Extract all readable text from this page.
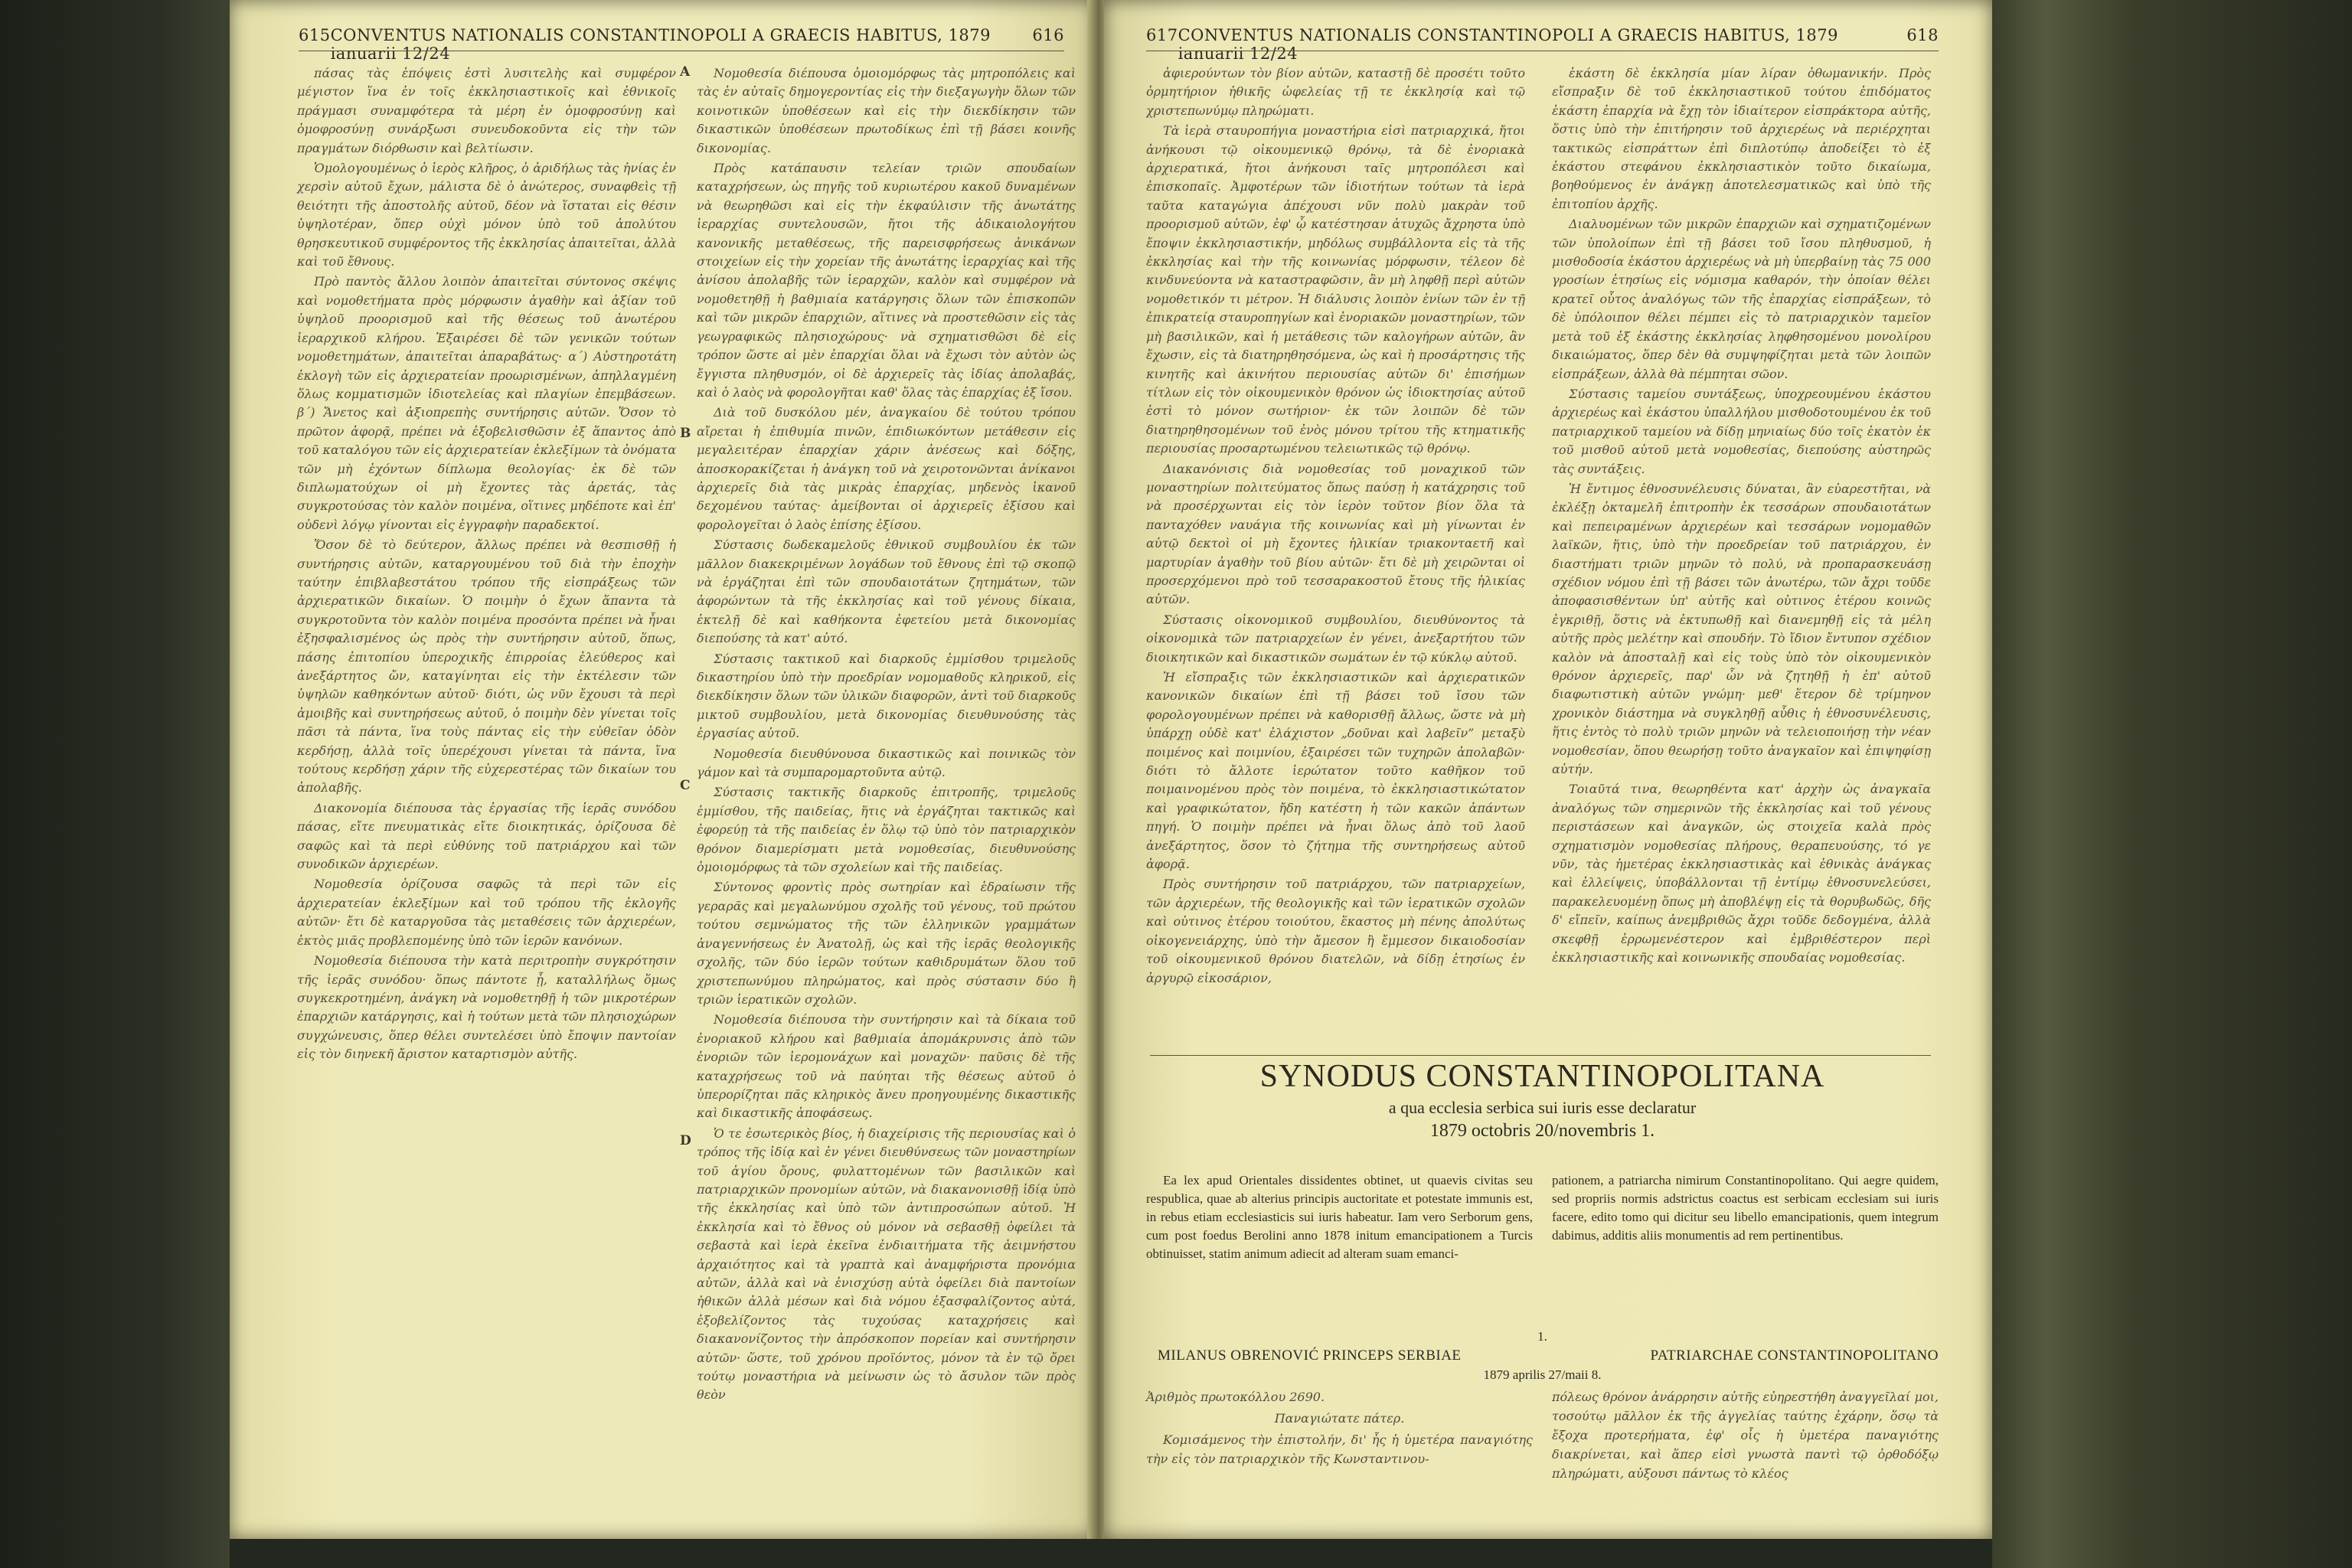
615 CONVENTUS NATIONALIS CONSTANTINOPOLI A GRAECIS HABITUS, 1879 ianuarii 12/24
616

πάσας τὰς ἐπόψεις ἐστὶ λυσιτελὴς καὶ συμφέρον μέγιστον ἵνα ἐν τοῖς ἐκκλησιαστικοῖς καὶ ἐθνικοῖς πράγμασι συναμφότερα τὰ μέρη ἐν ὁμοφροσύνῃ καὶ ὁμοφροσύνῃ συνάρξωσι συνευδοκοῦντα εἰς τὴν τῶν πραγμάτων διόρθωσιν καὶ βελτίωσιν.

Ὁμολογουμένως ὁ ἱερὸς κλῆρος, ὁ ἀριδήλως τὰς ἡνίας ἐν χερσὶν αὐτοῦ ἔχων, μάλιστα δὲ ὁ ἀνώτερος, συναφθεὶς τῇ θειότητι τῆς ἀποστολῆς αὐτοῦ, δέον νὰ ἵσταται εἰς θέσιν ὑψηλοτέραν, ὅπερ οὐχὶ μόνον ὑπὸ τοῦ ἀπολύτου θρησκευτικοῦ συμφέροντος τῆς ἐκκλησίας ἀπαιτεῖται, ἀλλὰ καὶ τοῦ ἔθνους.

Πρὸ παντὸς ἄλλου λοιπὸν ἀπαιτεῖται σύντονος σκέψις καὶ νομοθετήματα πρὸς μόρφωσιν ἀγαθὴν καὶ ἀξίαν τοῦ ὑψηλοῦ προορισμοῦ καὶ τῆς θέσεως τοῦ ἀνωτέρου ἱεραρχικοῦ κλήρου. Ἐξαιρέσει δὲ τῶν γενικῶν τούτων νομοθετημάτων, ἀπαιτεῖται ἀπαραβάτως· α΄) Αὐστηροτάτη ἐκλογὴ τῶν εἰς ἀρχιερατείαν προωρισμένων, ἀπηλλαγμένη ὅλως κομματισμῶν ἰδιοτελείας καὶ πλαγίων ἐπεμβάσεων. β΄) Ἄνετος καὶ ἀξιοπρεπὴς συντήρησις αὐτῶν. Ὅσον τὸ πρῶτον ἀφορᾷ, πρέπει νὰ ἐξοβελισθῶσιν ἐξ ἅπαντος ἀπὸ τοῦ καταλόγου τῶν εἰς ἀρχιερατείαν ἐκλεξίμων τὰ ὀνόματα τῶν μὴ ἐχόντων δίπλωμα θεολογίας· ἐκ δὲ τῶν διπλωματούχων οἱ μὴ ἔχοντες τὰς ἀρετάς, τὰς συγκροτούσας τὸν καλὸν ποιμένα, οἵτινες μηδέποτε καὶ ἐπ' οὐδενὶ λόγῳ γίνονται εἰς ἐγγραφὴν παραδεκτοί.

Ὅσον δὲ τὸ δεύτερον, ἄλλως πρέπει νὰ θεσπισθῇ ἡ συντήρησις αὐτῶν, καταργουμένου τοῦ διὰ τὴν ἐποχὴν ταύτην ἐπιβλαβεστάτου τρόπου τῆς εἰσπράξεως τῶν ἀρχιερατικῶν δικαίων. Ὁ ποιμὴν ὁ ἔχων ἅπαντα τὰ συγκροτοῦντα τὸν καλὸν ποιμένα προσόντα πρέπει νὰ ἦναι ἐξησφαλισμένος ὡς πρὸς τὴν συντήρησιν αὐτοῦ, ὅπως, πάσης ἐπιτοπίου ὑπεροχικῆς ἐπιρροίας ἐλεύθερος καὶ ἀνεξάρτητος ὤν, καταγίνηται εἰς τὴν ἐκτέλεσιν τῶν ὑψηλῶν καθηκόντων αὐτοῦ· διότι, ὡς νῦν ἔχουσι τὰ περὶ ἀμοιβῆς καὶ συντηρήσεως αὐτοῦ, ὁ ποιμὴν δὲν γίνεται τοῖς πᾶσι τὰ πάντα, ἵνα τοὺς πάντας εἰς τὴν εὐθεῖαν ὁδὸν κερδήσῃ, ἀλλὰ τοῖς ὑπερέχουσι γίνεται τὰ πάντα, ἵνα τούτους κερδήσῃ χάριν τῆς εὐχερεστέρας τῶν δικαίων του ἀπολαβῆς.

Διακονομία διέπουσα τὰς ἐργασίας τῆς ἱερᾶς συνόδου πάσας, εἴτε πνευματικὰς εἴτε διοικητικάς, ὁρίζουσα δὲ σαφῶς καὶ τὰ περὶ εὐθύνης τοῦ πατριάρχου καὶ τῶν συνοδικῶν ἀρχιερέων.

Νομοθεσία ὁρίζουσα σαφῶς τὰ περὶ τῶν εἰς ἀρχιερατείαν ἐκλεξίμων καὶ τοῦ τρόπου τῆς ἐκλογῆς αὐτῶν· ἔτι δὲ καταργοῦσα τὰς μεταθέσεις τῶν ἀρχιερέων, ἐκτὸς μιᾶς προβλεπομένης ὑπὸ τῶν ἱερῶν κανόνων.

Νομοθεσία διέπουσα τὴν κατὰ περιτροπὴν συγκρότησιν τῆς ἱερᾶς συνόδου· ὅπως πάντοτε ᾖ, καταλλήλως ὅμως συγκεκροτημένη, ἀνάγκη νὰ νομοθετηθῇ ἡ τῶν μικροτέρων ἐπαρχιῶν κατάργησις, καὶ ἡ τούτων μετὰ τῶν πλησιοχώρων συγχώνευσις, ὅπερ θέλει συντελέσει ὑπὸ ἔποψιν παντοίαν εἰς τὸν διηνεκῆ ἄριστον καταρτισμὸν αὐτῆς.

A
B
C
D

Νομοθεσία διέπουσα ὁμοιομόρφως τὰς μητροπόλεις καὶ τὰς ἐν αὐταῖς δημογεροντίας εἰς τὴν διεξαγωγὴν ὅλων τῶν κοινοτικῶν ὑποθέσεων καὶ εἰς τὴν διεκδίκησιν τῶν δικαστικῶν ὑποθέσεων πρωτοδίκως ἐπὶ τῇ βάσει κοινῆς δικονομίας.

Πρὸς κατάπαυσιν τελείαν τριῶν σπουδαίων καταχρήσεων, ὡς πηγῆς τοῦ κυριωτέρου κακοῦ δυναμένων νὰ θεωρηθῶσι καὶ εἰς τὴν ἐκφαύλισιν τῆς ἀνωτάτης ἱεραρχίας συντελουσῶν, ἤτοι τῆς ἀδικαιολογήτου κανονικῆς μεταθέσεως, τῆς παρεισφρήσεως ἀνικάνων στοιχείων εἰς τὴν χορείαν τῆς ἀνωτάτης ἱεραρχίας καὶ τῆς ἀνίσου ἀπολαβῆς τῶν ἱεραρχῶν, καλὸν καὶ συμφέρον νὰ νομοθετηθῇ ἡ βαθμιαία κατάργησις ὅλων τῶν ἐπισκοπῶν καὶ τῶν μικρῶν ἐπαρχιῶν, αἵτινες νὰ προστεθῶσιν εἰς τὰς γεωγραφικῶς πλησιοχώρους· νὰ σχηματισθῶσι δὲ εἰς τρόπον ὥστε αἱ μὲν ἐπαρχίαι ὅλαι νὰ ἔχωσι τὸν αὐτὸν ὡς ἔγγιστα πληθυσμόν, οἱ δὲ ἀρχιερεῖς τὰς ἰδίας ἀπολαβάς, καὶ ὁ λαὸς νὰ φορολογῆται καθ' ὅλας τὰς ἐπαρχίας ἐξ ἴσου.

Διὰ τοῦ δυσκόλου μέν, ἀναγκαίου δὲ τούτου τρόπου αἴρεται ἡ ἐπιθυμία πινῶν, ἐπιδιωκόντων μετάθεσιν εἰς μεγαλειτέραν ἐπαρχίαν χάριν ἀνέσεως καὶ δόξης, ἀποσκορακίζεται ἡ ἀνάγκη τοῦ νὰ χειροτονῶνται ἀνίκανοι ἀρχιερεῖς διὰ τὰς μικρὰς ἐπαρχίας, μηδενὸς ἱκανοῦ δεχομένου ταύτας· ἀμείβονται οἱ ἀρχιερεῖς ἐξίσου καὶ φορολογεῖται ὁ λαὸς ἐπίσης ἐξίσου.

Σύστασις δωδεκαμελοῦς ἐθνικοῦ συμβουλίου ἐκ τῶν μᾶλλον διακεκριμένων λογάδων τοῦ ἔθνους ἐπὶ τῷ σκοπῷ νὰ ἐργάζηται ἐπὶ τῶν σπουδαιοτάτων ζητημάτων, τῶν ἀφορώντων τὰ τῆς ἐκκλησίας καὶ τοῦ γένους δίκαια, ἐκτελῇ δὲ καὶ καθήκοντα ἐφετείου μετὰ δικονομίας διεπούσης τὰ κατ' αὐτό.

Σύστασις τακτικοῦ καὶ διαρκοῦς ἐμμίσθου τριμελοῦς δικαστηρίου ὑπὸ τὴν προεδρίαν νομομαθοῦς κληρικοῦ, εἰς διεκδίκησιν ὅλων τῶν ὑλικῶν διαφορῶν, ἀντὶ τοῦ διαρκοῦς μικτοῦ συμβουλίου, μετὰ δικονομίας διευθυνούσης τὰς ἐργασίας αὐτοῦ.

Νομοθεσία διευθύνουσα δικαστικῶς καὶ ποινικῶς τὸν γάμον καὶ τὰ συμπαρομαρτοῦντα αὐτῷ.

Σύστασις τακτικῆς διαρκοῦς ἐπιτροπῆς, τριμελοῦς ἐμμίσθου, τῆς παιδείας, ἥτις νὰ ἐργάζηται τακτικῶς καὶ ἐφορεύῃ τὰ τῆς παιδείας ἐν ὅλῳ τῷ ὑπὸ τὸν πατριαρχικὸν θρόνον διαμερίσματι μετὰ νομοθεσίας, διευθυνούσης ὁμοιομόρφως τὰ τῶν σχολείων καὶ τῆς παιδείας.

Σύντονος φροντὶς πρὸς σωτηρίαν καὶ ἑδραίωσιν τῆς γεραρᾶς καὶ μεγαλωνύμου σχολῆς τοῦ γένους, τοῦ πρώτου τούτου σεμνώματος τῆς τῶν ἑλληνικῶν γραμμάτων ἀναγεννήσεως ἐν Ἀνατολῇ, ὡς καὶ τῆς ἱερᾶς θεολογικῆς σχολῆς, τῶν δύο ἱερῶν τούτων καθιδρυμάτων ὅλου τοῦ χριστεπωνύμου πληρώματος, καὶ πρὸς σύστασιν δύο ἢ τριῶν ἱερατικῶν σχολῶν.

Νομοθεσία διέπουσα τὴν συντήρησιν καὶ τὰ δίκαια τοῦ ἐνοριακοῦ κλήρου καὶ βαθμιαία ἀπομάκρυνσις ἀπὸ τῶν ἐνοριῶν τῶν ἱερομονάχων καὶ μοναχῶν· παῦσις δὲ τῆς καταχρήσεως τοῦ νὰ παύηται τῆς θέσεως αὐτοῦ ὁ ὑπερορίζηται πᾶς κληρικὸς ἄνευ προηγουμένης δικαστικῆς καὶ δικαστικῆς ἀποφάσεως.

Ὁ τε ἐσωτερικὸς βίος, ἡ διαχείρισις τῆς περιουσίας καὶ ὁ τρόπος τῆς ἰδίᾳ καὶ ἐν γένει διευθύνσεως τῶν μοναστηρίων τοῦ ἁγίου ὄρους, φυλαττομένων τῶν βασιλικῶν καὶ πατριαρχικῶν προνομίων αὐτῶν, νὰ διακανονισθῇ ἰδίᾳ ὑπὸ τῆς ἐκκλησίας καὶ ὑπὸ τῶν ἀντιπροσώπων αὐτοῦ. Ἡ ἐκκλησία καὶ τὸ ἔθνος οὐ μόνον νὰ σεβασθῇ ὀφείλει τὰ σεβαστὰ καὶ ἱερὰ ἐκεῖνα ἐνδιαιτήματα τῆς ἀειμνήστου ἀρχαιότητος καὶ τὰ γραπτὰ καὶ ἀναμφήριστα προνόμια αὐτῶν, ἀλλὰ καὶ νὰ ἐνισχύσῃ αὐτὰ ὀφείλει διὰ παντοίων ἠθικῶν ἀλλὰ μέσων καὶ διὰ νόμου ἐξασφαλίζοντος αὐτά, ἐξοβελίζοντος τὰς τυχούσας καταχρήσεις καὶ διακανονίζοντος τὴν ἀπρόσκοπον πορείαν καὶ συντήρησιν αὐτῶν· ὥστε, τοῦ χρόνου προϊόντος, μόνον τὰ ἐν τῷ ὄρει τούτῳ μοναστήρια νὰ μείνωσιν ὡς τὸ ἄσυλον τῶν πρὸς θεὸν

617 CONVENTUS NATIONALIS CONSTANTINOPOLI A GRAECIS HABITUS, 1879 ianuarii 12/24
618

ἀφιερούντων τὸν βίον αὐτῶν, καταστῇ δὲ προσέτι τοῦτο ὀρμητήριον ἠθικῆς ὠφελείας τῇ τε ἐκκλησίᾳ καὶ τῷ χριστεπωνύμῳ πληρώματι.

Τὰ ἱερὰ σταυροπήγια μοναστήρια εἰσὶ πατριαρχικά, ἤτοι ἀνήκουσι τῷ οἰκουμενικῷ θρόνῳ, τὰ δὲ ἐνοριακὰ ἀρχιερατικά, ἤτοι ἀνήκουσι ταῖς μητροπόλεσι καὶ ἐπισκοπαῖς. Ἀμφοτέρων τῶν ἰδιοτήτων τούτων τὰ ἱερὰ ταῦτα καταγώγια ἀπέχουσι νῦν πολὺ μακρὰν τοῦ προορισμοῦ αὐτῶν, ἐφ' ᾧ κατέστησαν ἀτυχῶς ἄχρηστα ὑπὸ ἔποψιν ἐκκλησιαστικήν, μηδόλως συμβάλλοντα εἰς τὰ τῆς ἐκκλησίας καὶ τὴν τῆς κοινωνίας μόρφωσιν, τέλεον δὲ κινδυνεύοντα νὰ καταστραφῶσιν, ἂν μὴ ληφθῇ περὶ αὐτῶν νομοθετικόν τι μέτρον. Ἡ διάλυσις λοιπὸν ἐνίων τῶν ἐν τῇ ἐπικρατείᾳ σταυροπηγίων καὶ ἐνοριακῶν μοναστηρίων, τῶν μὴ βασιλικῶν, καὶ ἡ μετάθεσις τῶν καλογήρων αὐτῶν, ἂν ἔχωσιν, εἰς τὰ διατηρηθησόμενα, ὡς καὶ ἡ προσάρτησις τῆς κινητῆς καὶ ἀκινήτου περιουσίας αὐτῶν δι' ἐπισήμων τίτλων εἰς τὸν οἰκουμενικὸν θρόνον ὡς ἰδιοκτησίας αὐτοῦ ἐστὶ τὸ μόνον σωτήριον· ἐκ τῶν λοιπῶν δὲ τῶν διατηρηθησομένων τοῦ ἐνὸς μόνου τρίτου τῆς κτηματικῆς περιουσίας προσαρτωμένου τελειωτικῶς τῷ θρόνῳ.

Διακανόνισις διὰ νομοθεσίας τοῦ μοναχικοῦ τῶν μοναστηρίων πολιτεύματος ὅπως παύσῃ ἡ κατάχρησις τοῦ νὰ προσέρχωνται εἰς τὸν ἱερὸν τοῦτον βίον ὅλα τὰ πανταχόθεν ναυάγια τῆς κοινωνίας καὶ μὴ γίνωνται ἐν αὐτῷ δεκτοὶ οἱ μὴ ἔχοντες ἡλικίαν τριακονταετῆ καὶ μαρτυρίαν ἀγαθὴν τοῦ βίου αὐτῶν· ἔτι δὲ μὴ χειρῶνται οἱ προσερχόμενοι πρὸ τοῦ τεσσαρακοστοῦ ἔτους τῆς ἡλικίας αὐτῶν.

Σύστασις οἰκονομικοῦ συμβουλίου, διευθύνοντος τὰ οἰκονομικὰ τῶν πατριαρχείων ἐν γένει, ἀνεξαρτήτου τῶν διοικητικῶν καὶ δικαστικῶν σωμάτων ἐν τῷ κύκλῳ αὐτοῦ.

Ἡ εἴσπραξις τῶν ἐκκλησιαστικῶν καὶ ἀρχιερατικῶν κανονικῶν δικαίων ἐπὶ τῇ βάσει τοῦ ἴσου τῶν φορολογουμένων πρέπει νὰ καθορισθῇ ἄλλως, ὥστε νὰ μὴ ὑπάρχῃ οὐδὲ κατ' ἐλάχιστον „δοῦναι καὶ λαβεῖν” μεταξὺ ποιμένος καὶ ποιμνίου, ἐξαιρέσει τῶν τυχηρῶν ἀπολαβῶν· διότι τὸ ἄλλοτε ἱερώτατον τοῦτο καθῆκον τοῦ ποιμαινομένου πρὸς τὸν ποιμένα, τὸ ἐκκλησιαστικώτατον καὶ γραφικώτατον, ἤδη κατέστη ἡ τῶν κακῶν ἁπάντων πηγή. Ὁ ποιμὴν πρέπει νὰ ἦναι ὅλως ἀπὸ τοῦ λαοῦ ἀνεξάρτητος, ὅσον τὸ ζήτημα τῆς συντηρήσεως αὐτοῦ ἀφορᾷ.

Πρὸς συντήρησιν τοῦ πατριάρχου, τῶν πατριαρχείων, τῶν ἀρχιερέων, τῆς θεολογικῆς καὶ τῶν ἱερατικῶν σχολῶν καὶ οὐτινος ἑτέρου τοιούτου, ἕκαστος μὴ πένης ἀπολύτως οἰκογενειάρχης, ὑπὸ τὴν ἄμεσον ἢ ἔμμεσον δικαιοδοσίαν τοῦ οἰκουμενικοῦ θρόνου διατελῶν, νὰ δίδῃ ἐτησίως ἐν ἀργυρῷ εἰκοσάριον,

ἑκάστη δὲ ἐκκλησία μίαν λίραν ὀθωμανικήν. Πρὸς εἴσπραξιν δὲ τοῦ ἐκκλησιαστικοῦ τούτου ἐπιδόματος ἑκάστη ἐπαρχία νὰ ἔχῃ τὸν ἰδιαίτερον εἰσπράκτορα αὐτῆς, ὅστις ὑπὸ τὴν ἐπιτήρησιν τοῦ ἀρχιερέως νὰ περιέρχηται τακτικῶς εἰσπράττων ἐπὶ διπλοτύπῳ ἀποδείξει τὸ ἐξ ἑκάστου στεφάνου ἐκκλησιαστικὸν τοῦτο δικαίωμα, βοηθούμενος ἐν ἀνάγκῃ ἀποτελεσματικῶς καὶ ὑπὸ τῆς ἐπιτοπίου ἀρχῆς.

Διαλυομένων τῶν μικρῶν ἐπαρχιῶν καὶ σχηματιζομένων τῶν ὑπολοίπων ἐπὶ τῇ βάσει τοῦ ἴσου πληθυσμοῦ, ἡ μισθοδοσία ἑκάστου ἀρχιερέως νὰ μὴ ὑπερβαίνῃ τὰς 75 000 γροσίων ἐτησίως εἰς νόμισμα καθαρόν, τὴν ὁποίαν θέλει κρατεῖ οὗτος ἀναλόγως τῶν τῆς ἐπαρχίας εἰσπράξεων, τὸ δὲ ὑπόλοιπον θέλει πέμπει εἰς τὸ πατριαρχικὸν ταμεῖον μετὰ τοῦ ἐξ ἑκάστης ἐκκλησίας ληφθησομένου μονολίρου δικαιώματος, ὅπερ δὲν θὰ συμψηφίζηται μετὰ τῶν λοιπῶν εἰσπράξεων, ἀλλὰ θὰ πέμπηται σῶον.

Σύστασις ταμείου συντάξεως, ὑποχρεουμένου ἑκάστου ἀρχιερέως καὶ ἑκάστου ὑπαλλήλου μισθοδοτουμένου ἐκ τοῦ πατριαρχικοῦ ταμείου νὰ δίδῃ μηνιαίως δύο τοῖς ἑκατὸν ἐκ τοῦ μισθοῦ αὐτοῦ μετὰ νομοθεσίας, διεπούσης αὐστηρῶς τὰς συντάξεις.

Ἡ ἔντιμος ἐθνοσυνέλευσις δύναται, ἂν εὐαρεστῆται, νὰ ἐκλέξῃ ὀκταμελῆ ἐπιτροπὴν ἐκ τεσσάρων σπουδαιοτάτων καὶ πεπειραμένων ἀρχιερέων καὶ τεσσάρων νομομαθῶν λαϊκῶν, ἥτις, ὑπὸ τὴν προεδρείαν τοῦ πατριάρχου, ἐν διαστήματι τριῶν μηνῶν τὸ πολύ, νὰ προπαρασκευάσῃ σχέδιον νόμου ἐπὶ τῇ βάσει τῶν ἀνωτέρω, τῶν ἄχρι τοῦδε ἀποφασισθέντων ὑπ' αὐτῆς καὶ οὑτινος ἑτέρου κοινῶς ἐγκριθῇ, ὅστις νὰ ἐκτυπωθῇ καὶ διανεμηθῇ εἰς τὰ μέλη αὐτῆς πρὸς μελέτην καὶ σπουδήν. Τὸ ἴδιον ἔντυπον σχέδιον καλὸν νὰ ἀποσταλῇ καὶ εἰς τοὺς ὑπὸ τὸν οἰκουμενικὸν θρόνον ἀρχιερεῖς, παρ' ὧν νὰ ζητηθῇ ἡ ἐπ' αὐτοῦ διαφωτιστικὴ αὐτῶν γνώμη· μεθ' ἕτερον δὲ τρίμηνον χρονικὸν διάστημα νὰ συγκληθῇ αὖθις ἡ ἐθνοσυνέλευσις, ἥτις ἐντὸς τὸ πολὺ τριῶν μηνῶν νὰ τελειοποιήσῃ τὴν νέαν νομοθεσίαν, ὅπου θεωρήσῃ τοῦτο ἀναγκαῖον καὶ ἐπιψηφίσῃ αὐτήν.

Τοιαῦτά τινα, θεωρηθέντα κατ' ἀρχὴν ὡς ἀναγκαῖα ἀναλόγως τῶν σημερινῶν τῆς ἐκκλησίας καὶ τοῦ γένους περιστάσεων καὶ ἀναγκῶν, ὡς στοιχεῖα καλὰ πρὸς σχηματισμὸν νομοθεσίας πλήρους, θεραπευούσης, τό γε νῦν, τὰς ἡμετέρας ἐκκλησιαστικὰς καὶ ἐθνικὰς ἀνάγκας καὶ ἐλλείψεις, ὑποβάλλονται τῇ ἐντίμῳ ἐθνοσυνελεύσει, παρακελευομένῃ ὅπως μὴ ἀποβλέψῃ εἰς τὰ θορυβωδῶς, δῆς δ' εἴπεῖν, καίπως ἀνεμβριθῶς ἄχρι τοῦδε δεδογμένα, ἀλλὰ σκεφθῇ ἐρρωμενέστερον καὶ ἐμβριθέστερον περὶ ἐκκλησιαστικῆς καὶ κοινωνικῆς σπουδαίας νομοθεσίας.

SYNODUS CONSTANTINOPOLITANA

a qua ecclesia serbica sui iuris esse declaratur

1879 octobris 20/novembris 1.

Ea lex apud Orientales dissidentes obtinet, ut quaevis civitas seu respublica, quae ab alterius principis auctoritate et potestate immunis est, in rebus etiam ecclesiasticis sui iuris habeatur. Iam vero Serborum gens, cum post foedus Berolini anno 1878 initum emancipationem a Turcis obtinuisset, statim animum adiecit ad alteram suam emanci-

pationem, a patriarcha nimirum Constantinopolitano. Qui aegre quidem, sed propriis normis adstrictus coactus est serbicam ecclesiam sui iuris facere, edito tomo qui dicitur seu libello emancipationis, quem integrum dabimus, additis aliis monumentis ad rem pertinentibus.

1.
MILANUS OBRENOVIĆ PRINCEPS SERBIAE	PATRIARCHAE CONSTANTINOPOLITANO
1879 aprilis 27/maii 8.

Ἀριθμὸς πρωτοκόλλου 2690.

Παναγιώτατε πάτερ.

Κομισάμενος τὴν ἐπιστολήν, δι' ἧς ἡ ὑμετέρα παναγιότης τὴν εἰς τὸν πατριαρχικὸν τῆς Κωνσταντινου-

πόλεως θρόνον ἀνάρρησιν αὐτῆς εὐηρεστήθη ἀναγγεῖλαί μοι, τοσούτῳ μᾶλλον ἐκ τῆς ἀγγελίας ταύτης ἐχάρην, ὅσῳ τὰ ἔξοχα προτερήματα, ἐφ' οἷς ἡ ὑμετέρα παναγιότης διακρίνεται, καὶ ἅπερ εἰσὶ γνωστὰ παντὶ τῷ ὀρθοδόξῳ πληρώματι, αὐξουσι πάντως τὸ κλέος
